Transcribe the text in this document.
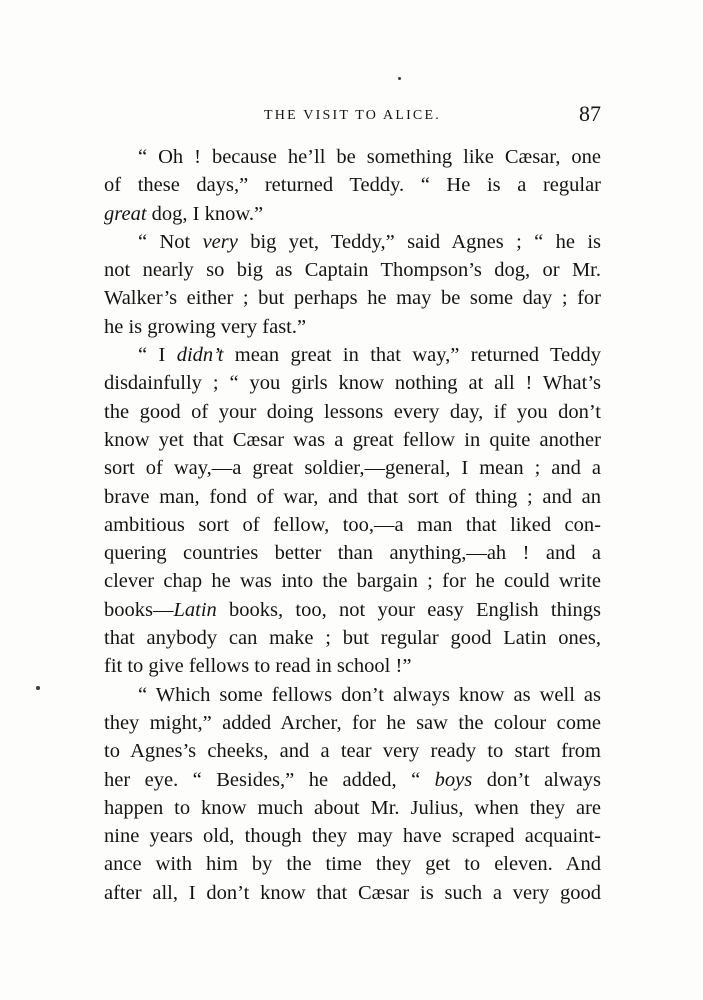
THE VISIT TO ALICE.	87
“ Oh ! because he’ll be something like Cæsar, one
of these days,” returned Teddy. “ He is a regular
great dog, I know.”
“ Not very big yet, Teddy,” said Agnes ; “ he is
not nearly so big as Captain Thompson’s dog, or Mr.
Walker’s either ; but perhaps he may be some day ; for
he is growing very fast.”
“ I didn’t mean great in that way,” returned Teddy
disdainfully ; “ you girls know nothing at all ! What’s
the good of your doing lessons every day, if you don’t
know yet that Cæsar was a great fellow in quite another
sort of way,—a great soldier,—general, I mean ; and a
brave man, fond of war, and that sort of thing ; and an
ambitious sort of fellow, too,—a man that liked con-
quering countries better than anything,—ah ! and a
clever chap he was into the bargain ; for he could write
books—Latin books, too, not your easy English things
that anybody can make ; but regular good Latin ones,
fit to give fellows to read in school !”
“ Which some fellows don’t always know as well as
they might,” added Archer, for he saw the colour come
to Agnes’s cheeks, and a tear very ready to start from
her eye. “ Besides,” he added, “ boys don’t always
happen to know much about Mr. Julius, when they are
nine years old, though they may have scraped acquaint-
ance with him by the time they get to eleven. And
after all, I don’t know that Cæsar is such a very good
